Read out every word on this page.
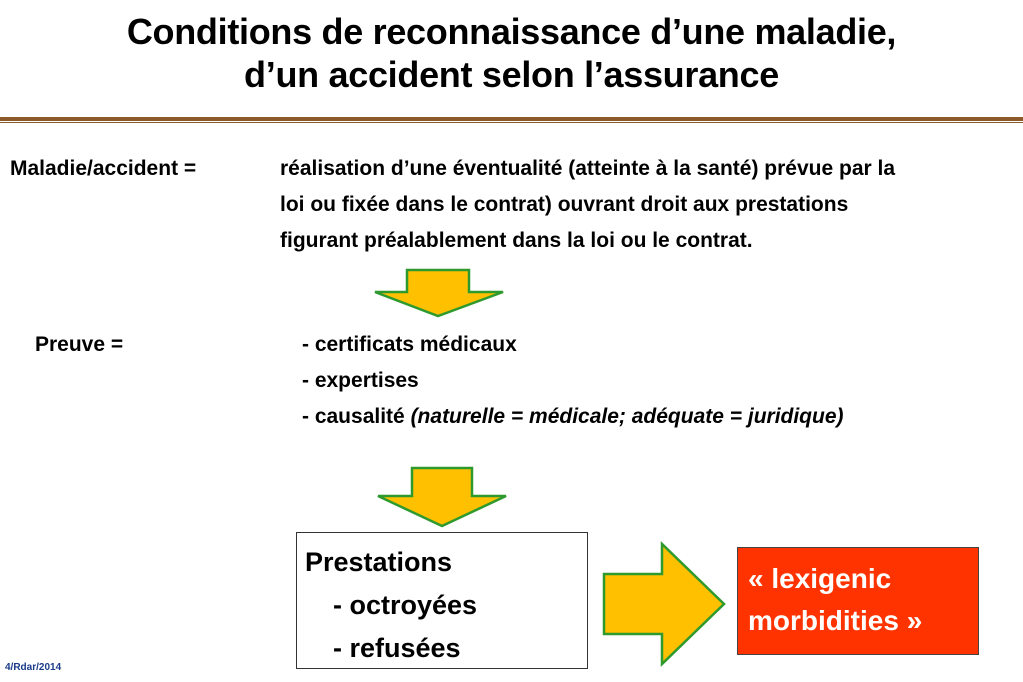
Conditions de reconnaissance d’une maladie,
d’un accident selon l’assurance
Maladie/accident =	réalisation d’une éventualité (atteinte à la santé) prévue par la
loi ou fixée dans le contrat) ouvrant droit aux prestations
figurant préalablement dans la loi ou le contrat.
Preuve =	- certificats médicaux
- expertises
- causalité (naturelle = médicale; adéquate = juridique)
Prestations
- octroyées
- refusées
« lexigenic
morbidities »
4/Rdar/2014
